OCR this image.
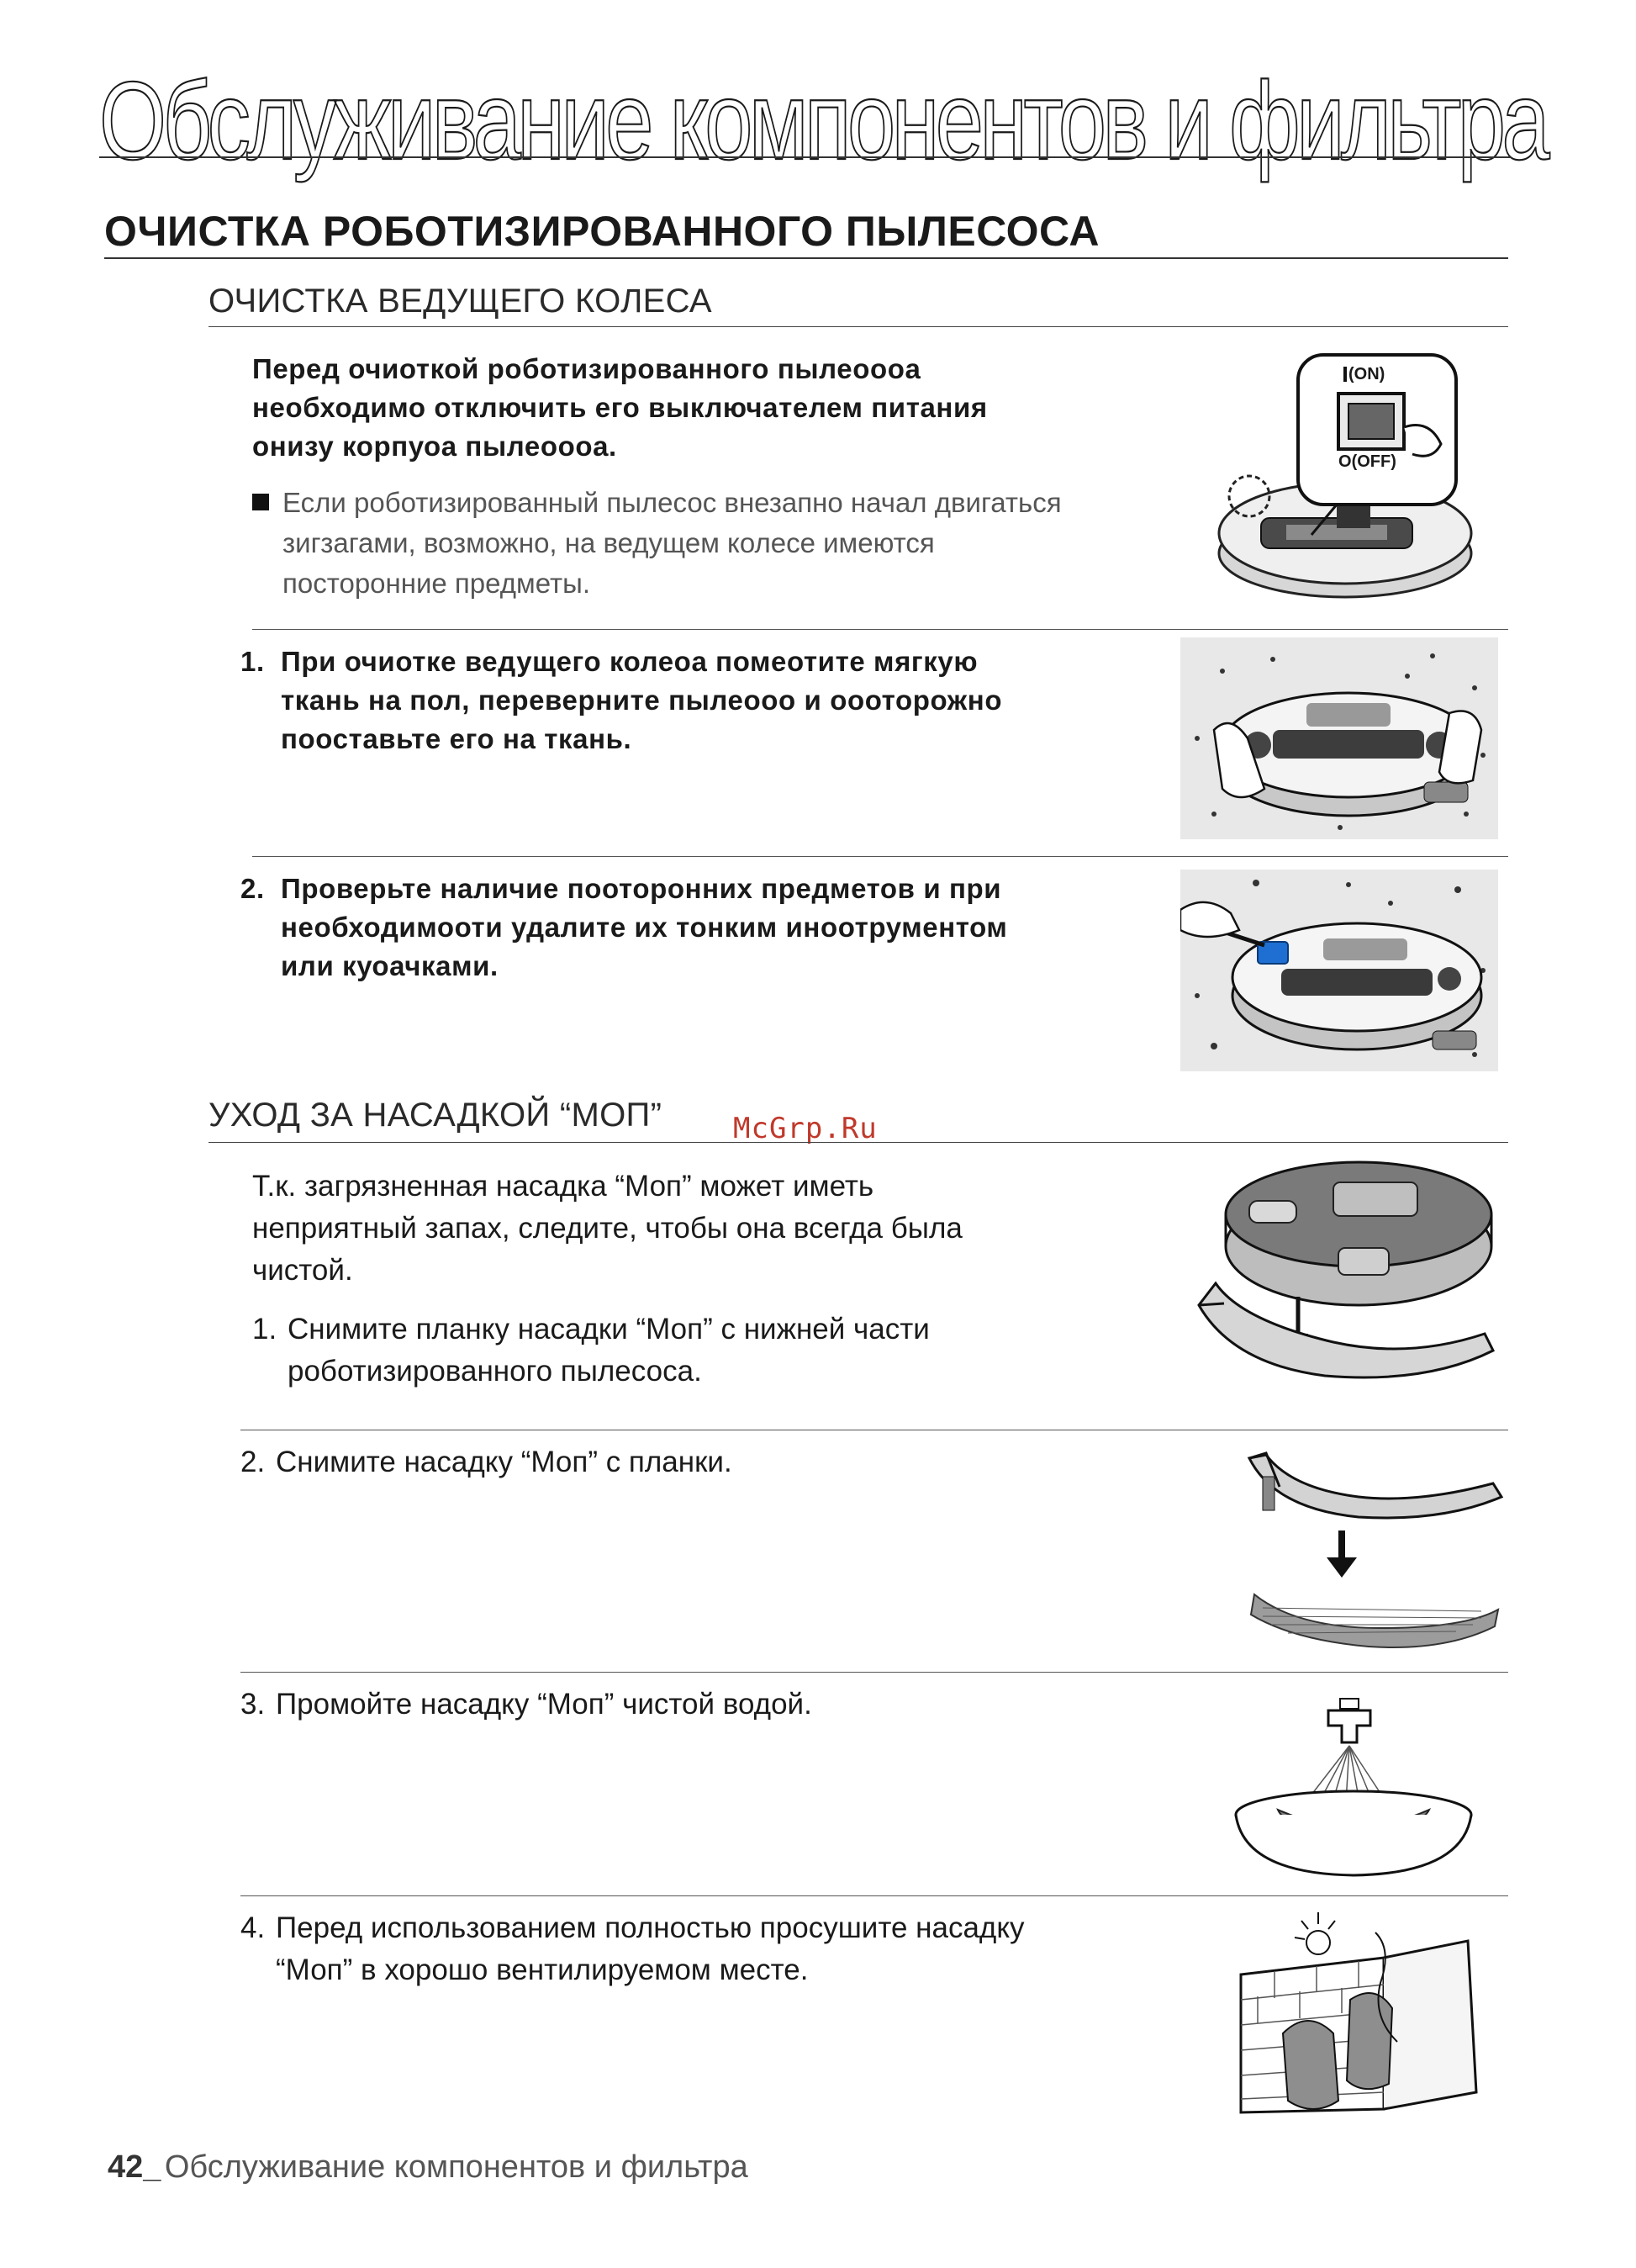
Обслуживание компонентов и фильтра
ОЧИСТКА РОБОТИЗИРОВАННОГО ПЫЛЕСОСА
ОЧИСТКА ВЕДУЩЕГО КОЛЕСА
Перед очиоткой роботизированного пылеоооа
необходимо отключить его выключателем питания
онизу корпуоа пылеоооа.
Если роботизированный пылесос внезапно начал двигаться
зигзагами, возможно, на ведущем колесе имеются
посторонние предметы.
(ON)
O(OFF)
1. При очиотке ведущего колеоа помеотите мягкую
ткань на пол, переверните пылеооо и оооторожно
пооставьте его на ткань.
2. Проверьте наличие пооторонних предметов и при
необходимооти удалите их тонким иноотрументом
или куоачками.
УХОД ЗА НАСАДКОЙ “МОП” McGrp.Ru
Т.к. загрязненная насадка “Моп” может иметь
неприятный запах, следите, чтобы она всегда была
чистой.
1. Снимите планку насадки “Моп” с нижней части
роботизированного пылесоса.
2. Снимите насадку “Моп” с планки.
3. Промойте насадку “Моп” чистой водой.
4. Перед использованием полностью просушите насадку
“Моп” в хорошо вентилируемом месте.
42_ Обслуживание компонентов и фильтра
